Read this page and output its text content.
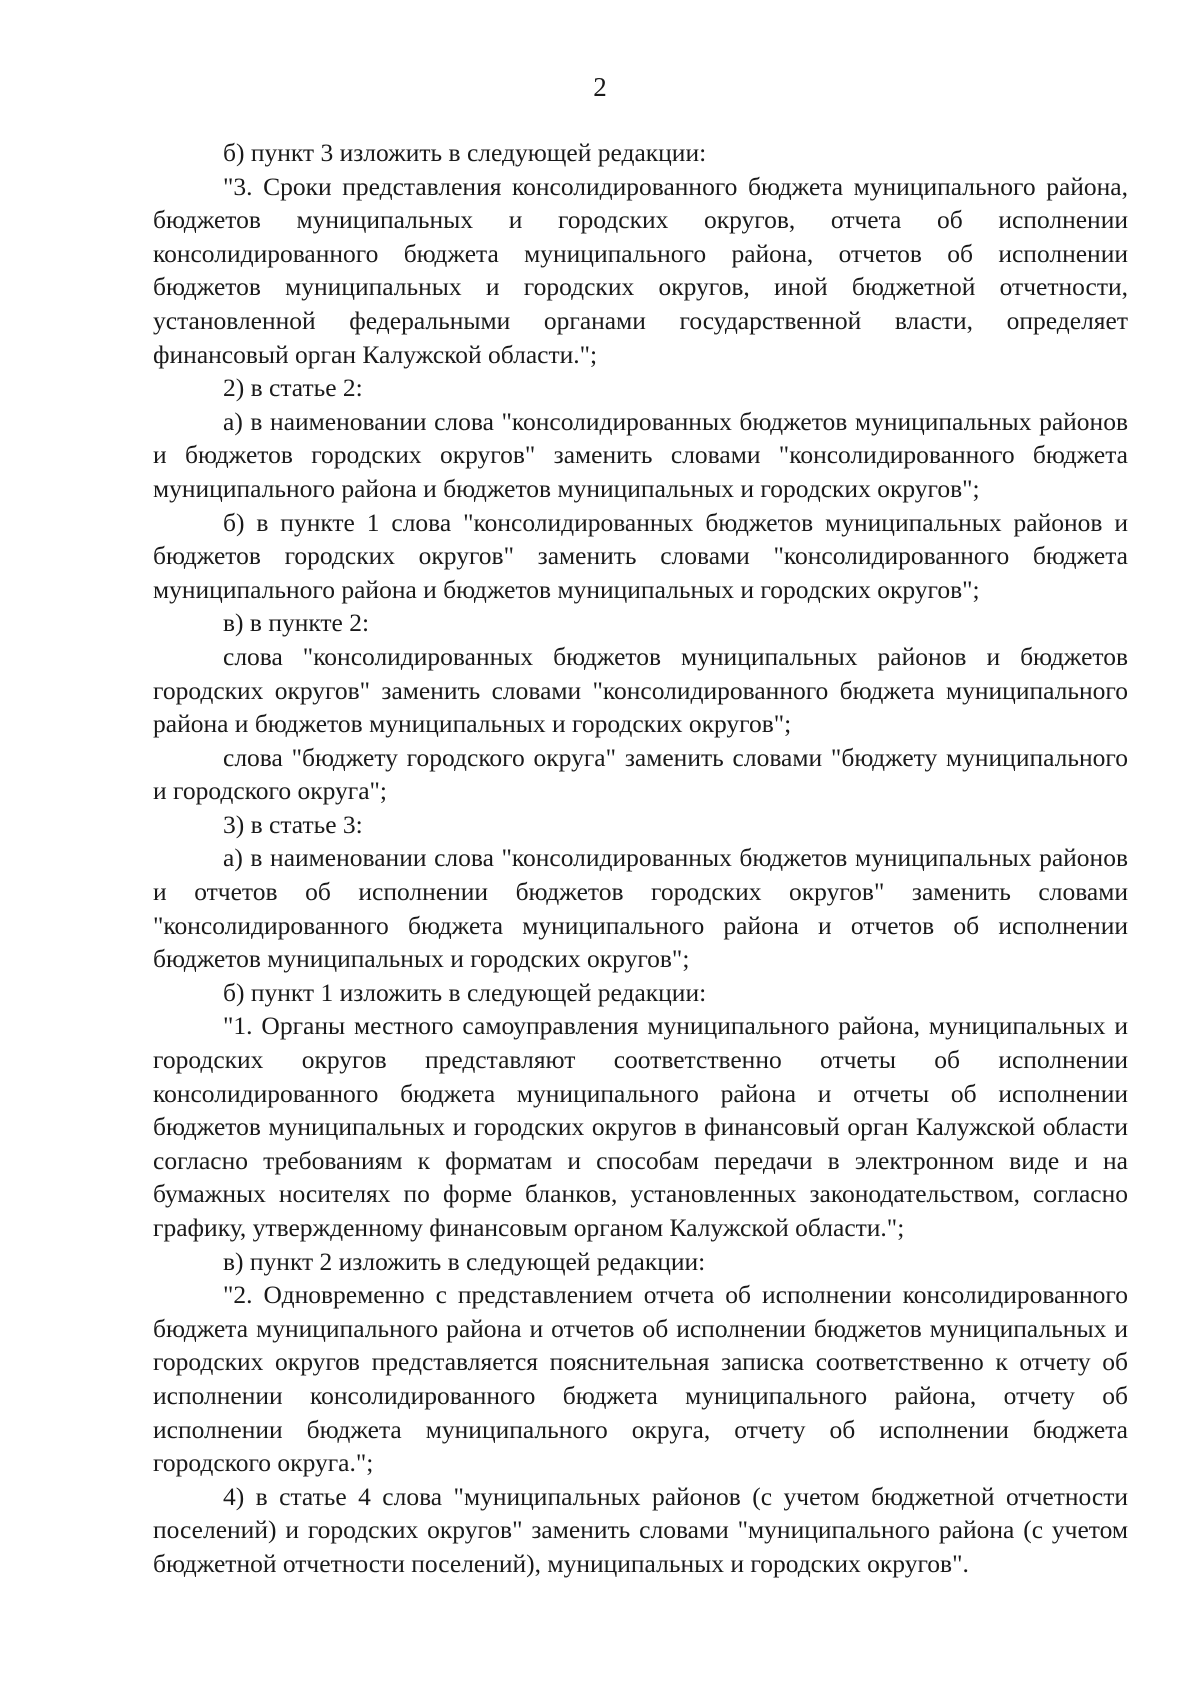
2

б) пункт 3 изложить в следующей редакции:

"3. Сроки представления консолидированного бюджета муниципального района, бюджетов муниципальных и городских округов, отчета об исполнении консолидированного бюджета муниципального района, отчетов об исполнении бюджетов муниципальных и городских округов, иной бюджетной отчетности, установленной федеральными органами государственной власти, определяет финансовый орган Калужской области.";

2) в статье 2:

а) в наименовании слова "консолидированных бюджетов муниципальных районов и бюджетов городских округов" заменить словами "консолидированного бюджета муниципального района и бюджетов муниципальных и городских округов";

б) в пункте 1 слова "консолидированных бюджетов муниципальных районов и бюджетов городских округов" заменить словами "консолидированного бюджета муниципального района и бюджетов муниципальных и городских округов";

в) в пункте 2:

слова "консолидированных бюджетов муниципальных районов и бюджетов городских округов" заменить словами "консолидированного бюджета муниципального района и бюджетов муниципальных и городских округов";

слова "бюджету городского округа" заменить словами "бюджету муниципального и городского округа";

3) в статье 3:

а) в наименовании слова "консолидированных бюджетов муниципальных районов и отчетов об исполнении бюджетов городских округов" заменить словами "консолидированного бюджета муниципального района и отчетов об исполнении бюджетов муниципальных и городских округов";

б) пункт 1 изложить в следующей редакции:

"1. Органы местного самоуправления муниципального района, муниципальных и городских округов представляют соответственно отчеты об исполнении консолидированного бюджета муниципального района и отчеты об исполнении бюджетов муниципальных и городских округов в финансовый орган Калужской области согласно требованиям к форматам и способам передачи в электронном виде и на бумажных носителях по форме бланков, установленных законодательством, согласно графику, утвержденному финансовым органом Калужской области.";

в) пункт 2 изложить в следующей редакции:

"2. Одновременно с представлением отчета об исполнении консолидированного бюджета муниципального района и отчетов об исполнении бюджетов муниципальных и городских округов представляется пояснительная записка соответственно к отчету об исполнении консолидированного бюджета муниципального района, отчету об исполнении бюджета муниципального округа, отчету об исполнении бюджета городского округа.";

4) в статье 4 слова "муниципальных районов (с учетом бюджетной отчетности поселений) и городских округов" заменить словами "муниципального района (с учетом бюджетной отчетности поселений), муниципальных и городских округов".
